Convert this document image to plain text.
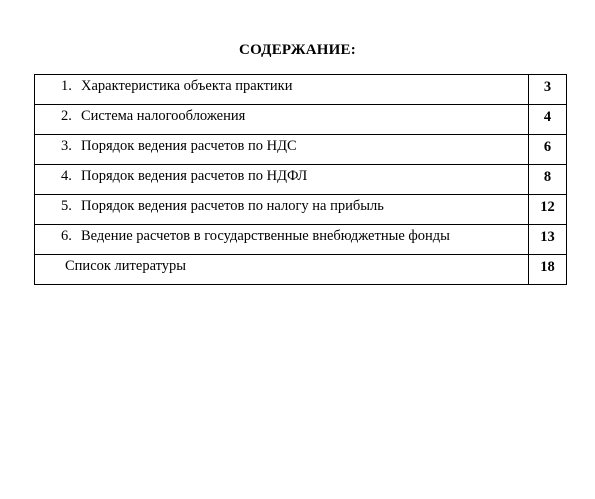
СОДЕРЖАНИЕ:
1. Характеристика объекта практики	3
2. Система налогообложения	4
3. Порядок ведения расчетов по НДС	6
4. Порядок ведения расчетов по НДФЛ	8
5. Порядок ведения расчетов по налогу на прибыль	12
6. Ведение расчетов в государственные внебюджетные фонды	13
Список литературы	18
